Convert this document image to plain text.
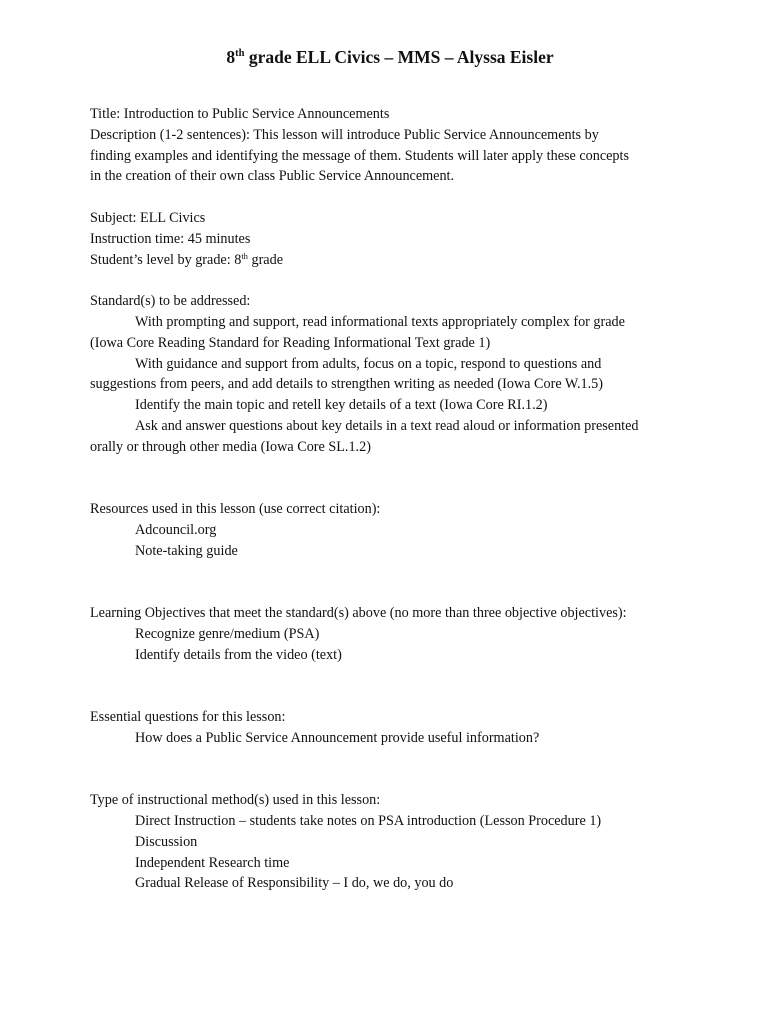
8th grade ELL Civics – MMS – Alyssa Eisler
Title: Introduction to Public Service Announcements
Description (1-2 sentences): This lesson will introduce Public Service Announcements by
finding examples and identifying the message of them. Students will later apply these concepts
in the creation of their own class Public Service Announcement.
Subject: ELL Civics
Instruction time: 45 minutes
Student’s level by grade: 8th grade
Standard(s) to be addressed:
With prompting and support, read informational texts appropriately complex for grade
(Iowa Core Reading Standard for Reading Informational Text grade 1)
With guidance and support from adults, focus on a topic, respond to questions and
suggestions from peers, and add details to strengthen writing as needed (Iowa Core W.1.5)
Identify the main topic and retell key details of a text (Iowa Core RI.1.2)
Ask and answer questions about key details in a text read aloud or information presented
orally or through other media (Iowa Core SL.1.2)
Resources used in this lesson (use correct citation):
Adcouncil.org
Note-taking guide
Learning Objectives that meet the standard(s) above (no more than three objective objectives):
Recognize genre/medium (PSA)
Identify details from the video (text)
Essential questions for this lesson:
How does a Public Service Announcement provide useful information?
Type of instructional method(s) used in this lesson:
Direct Instruction – students take notes on PSA introduction (Lesson Procedure 1)
Discussion
Independent Research time
Gradual Release of Responsibility – I do, we do, you do
